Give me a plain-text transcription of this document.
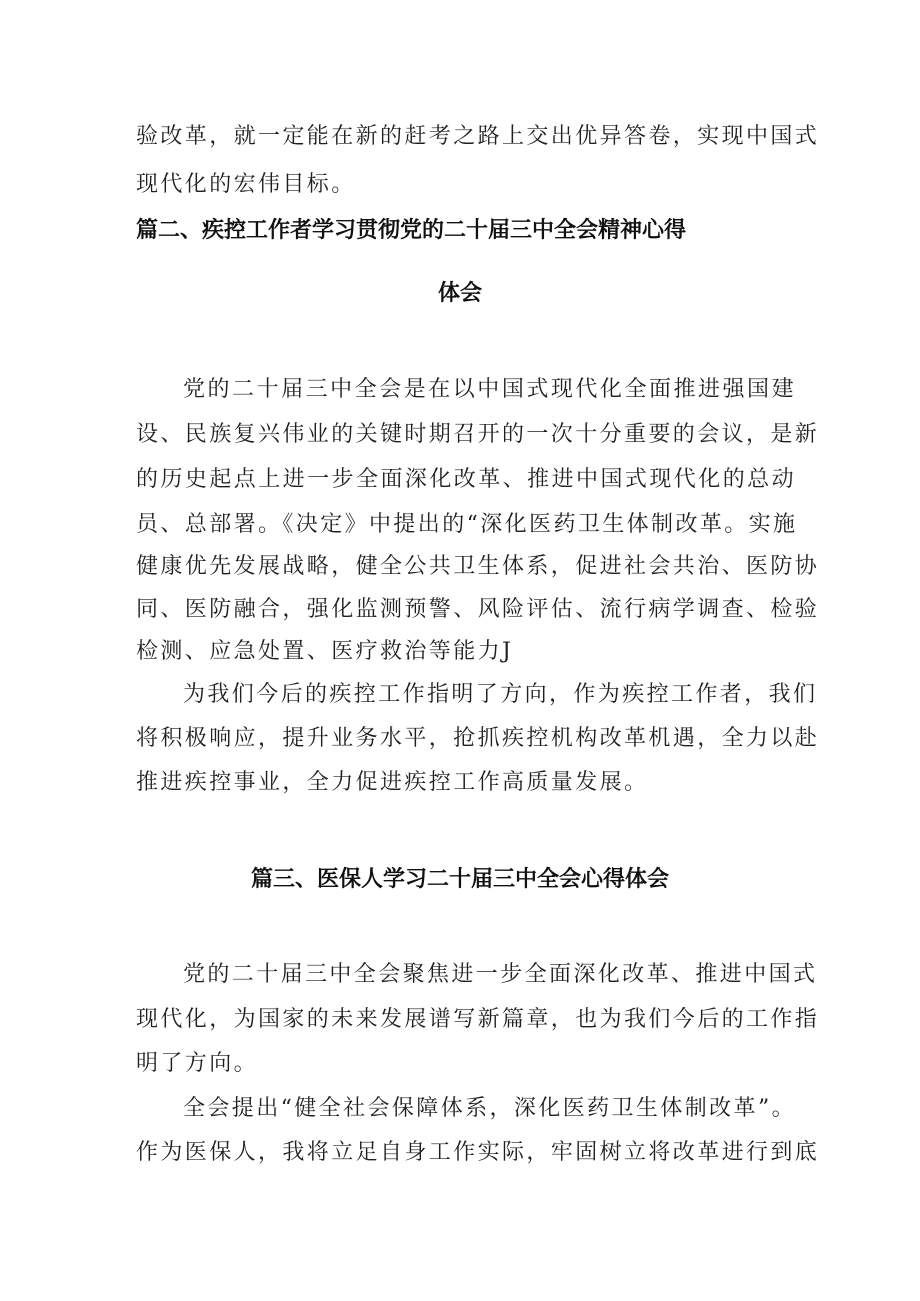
验改革，就一定能在新的赶考之路上交出优异答卷，实现中国式
现代化的宏伟目标。
篇二、疾控工作者学习贯彻党的二十届三中全会精神心得
体会
党的二十届三中全会是在以中国式现代化全面推进强国建
设、民族复兴伟业的关键时期召开的一次十分重要的会议，是新
的历史起点上进一步全面深化改革、推进中国式现代化的总动
员、总部署。《决定》中提出的“深化医药卫生体制改革。实施
健康优先发展战略，健全公共卫生体系，促进社会共治、医防协
同、医防融合，强化监测预警、风险评估、流行病学调查、检验
检测、应急处置、医疗救治等能力J
为我们今后的疾控工作指明了方向，作为疾控工作者，我们
将积极响应，提升业务水平，抢抓疾控机构改革机遇，全力以赴
推进疾控事业，全力促进疾控工作高质量发展。
篇三、医保人学习二十届三中全会心得体会
党的二十届三中全会聚焦进一步全面深化改革、推进中国式
现代化，为国家的未来发展谱写新篇章，也为我们今后的工作指
明了方向。
全会提出“健全社会保障体系，深化医药卫生体制改革”。
作为医保人，我将立足自身工作实际，牢固树立将改革进行到底
